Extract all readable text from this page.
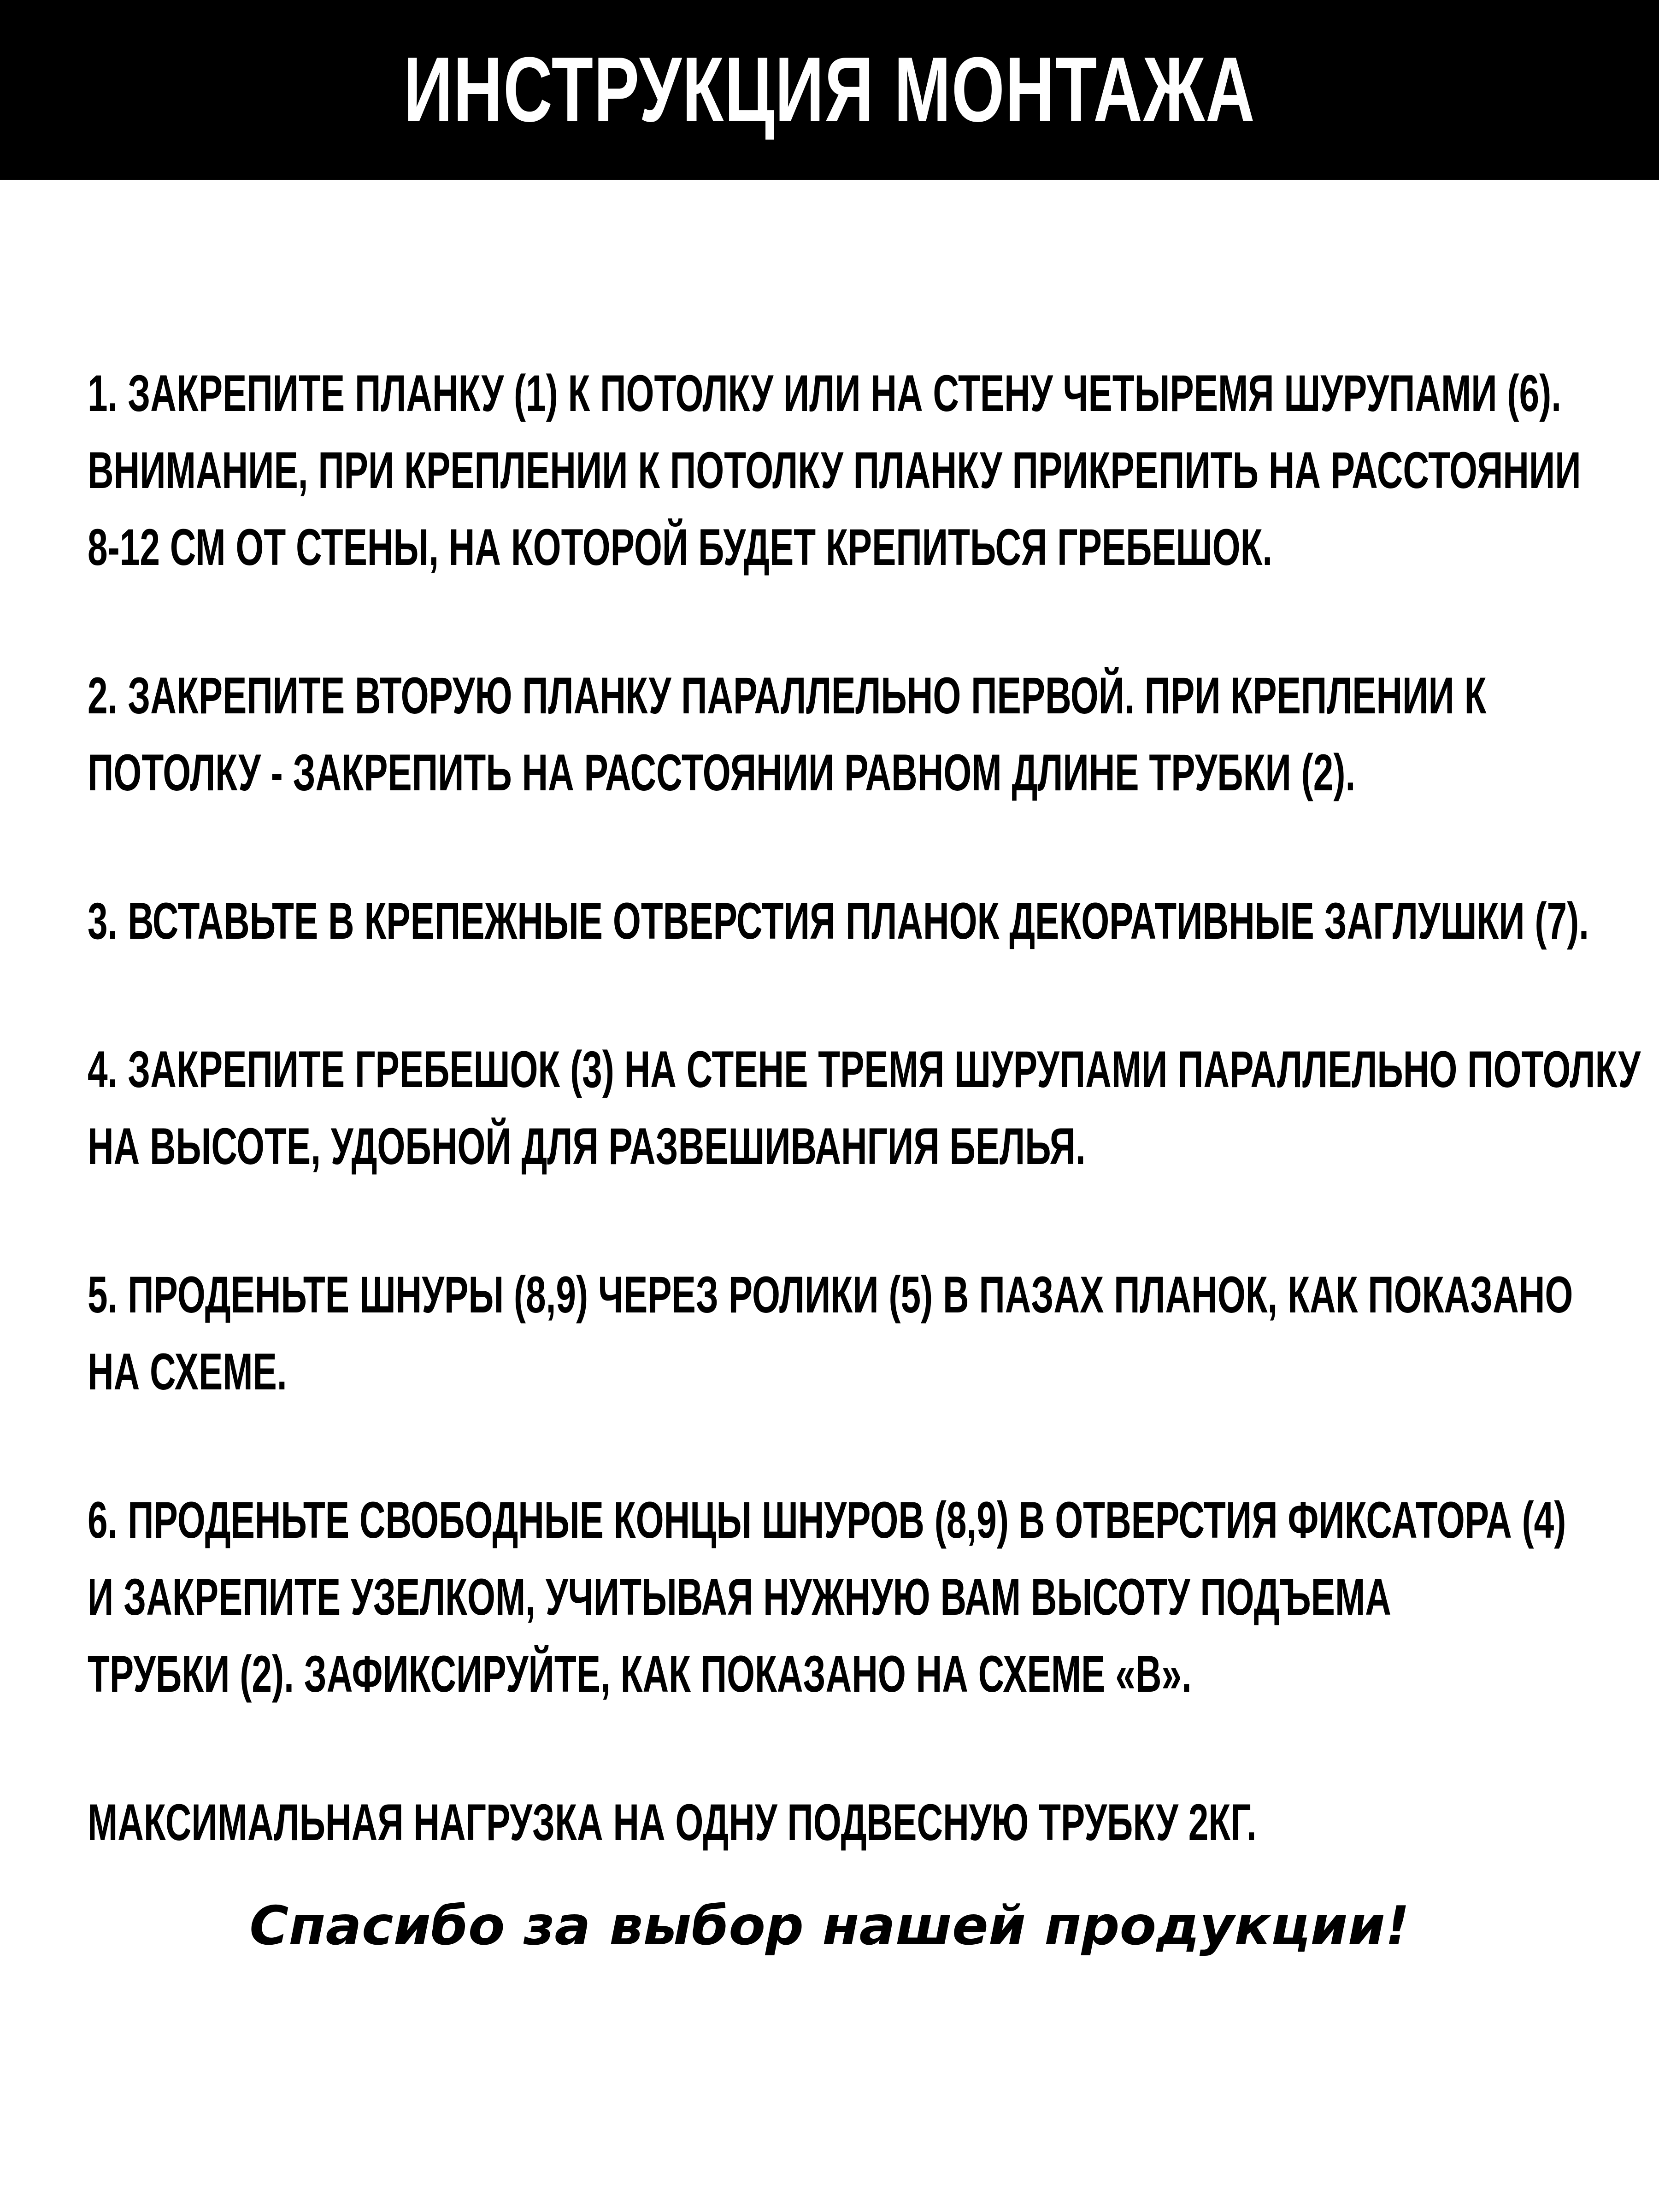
ИНСТРУКЦИЯ МОНТАЖА
1. ЗАКРЕПИТЕ ПЛАНКУ (1) К ПОТОЛКУ ИЛИ НА СТЕНУ ЧЕТЫРЕМЯ ШУРУПАМИ (6).
ВНИМАНИЕ, ПРИ КРЕПЛЕНИИ К ПОТОЛКУ ПЛАНКУ ПРИКРЕПИТЬ НА РАССТОЯНИИ
8-12 СМ ОТ СТЕНЫ, НА КОТОРОЙ БУДЕТ КРЕПИТЬСЯ ГРЕБЕШОК.
2. ЗАКРЕПИТЕ ВТОРУЮ ПЛАНКУ ПАРАЛЛЕЛЬНО ПЕРВОЙ. ПРИ КРЕПЛЕНИИ К
ПОТОЛКУ - ЗАКРЕПИТЬ НА РАССТОЯНИИ РАВНОМ ДЛИНЕ ТРУБКИ (2).
3. ВСТАВЬТЕ В КРЕПЕЖНЫЕ ОТВЕРСТИЯ ПЛАНОК ДЕКОРАТИВНЫЕ ЗАГЛУШКИ (7).
4. ЗАКРЕПИТЕ ГРЕБЕШОК (3) НА СТЕНЕ ТРЕМЯ ШУРУПАМИ ПАРАЛЛЕЛЬНО ПОТОЛКУ
НА ВЫСОТЕ, УДОБНОЙ ДЛЯ РАЗВЕШИВАНГИЯ БЕЛЬЯ.
5. ПРОДЕНЬТЕ ШНУРЫ (8,9) ЧЕРЕЗ РОЛИКИ (5) В ПАЗАХ ПЛАНОК, КАК ПОКАЗАНО
НА СХЕМЕ.
6. ПРОДЕНЬТЕ СВОБОДНЫЕ КОНЦЫ ШНУРОВ (8,9) В ОТВЕРСТИЯ ФИКСАТОРА (4)
И ЗАКРЕПИТЕ УЗЕЛКОМ, УЧИТЫВАЯ НУЖНУЮ ВАМ ВЫСОТУ ПОДЪЕМА
ТРУБКИ (2). ЗАФИКСИРУЙТЕ, КАК ПОКАЗАНО НА СХЕМЕ «В».
МАКСИМАЛЬНАЯ НАГРУЗКА НА ОДНУ ПОДВЕСНУЮ ТРУБКУ 2КГ.
Спасибо за выбор нашей продукции!
